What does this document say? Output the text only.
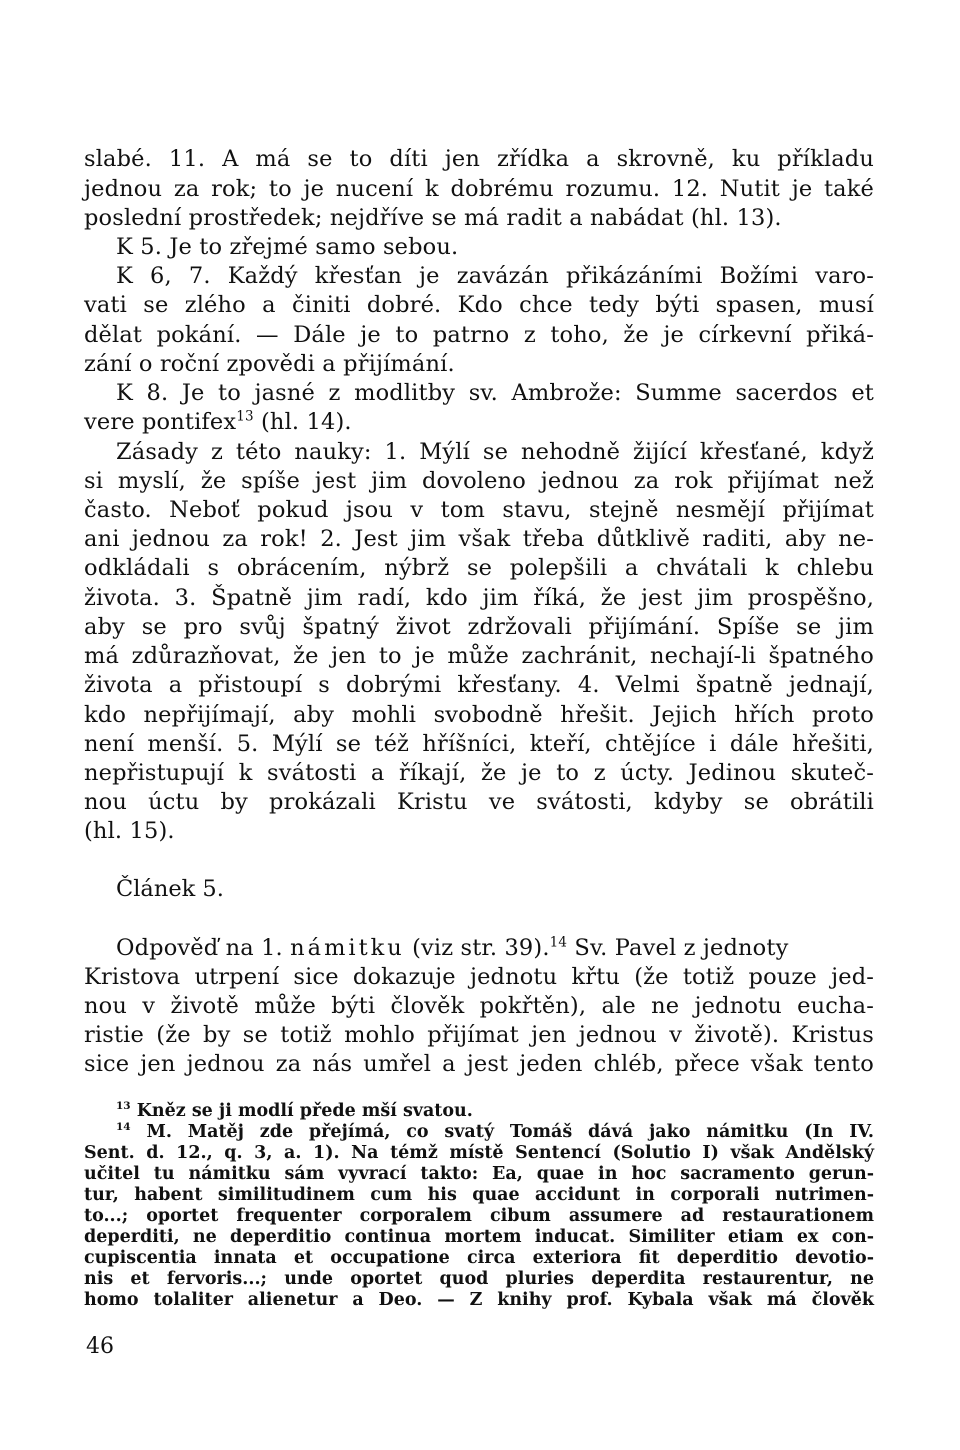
slabé. 11. A má se to díti jen zřídka a skrovně, ku příkladu
jednou za rok; to je nucení k dobrému rozumu. 12. Nutit je také
poslední prostředek; nejdříve se má radit a nabádat (hl. 13).
K 5. Je to zřejmé samo sebou.
K 6, 7. Každý křesťan je zavázán přikázáními Božími varo-
vati se zlého a činiti dobré. Kdo chce tedy býti spasen, musí
dělat pokání. — Dále je to patrno z toho, že je církevní přiká-
zání o roční zpovědi a přijímání.
K 8. Je to jasné z modlitby sv. Ambrože: Summe sacerdos et
vere pontifex$^{13}$ (hl. 14).
Zásady z této nauky: 1. Mýlí se nehodně žijící křesťané, když
si myslí, že spíše jest jim dovoleno jednou za rok přijímat než
často. Neboť pokud jsou v tom stavu, stejně nesmějí přijímat
ani jednou za rok! 2. Jest jim však třeba důtklivě raditi, aby ne-
odkládali s obrácením, nýbrž se polepšili a chvátali k chlebu
života. 3. Špatně jim radí, kdo jim říká, že jest jim prospěšno,
aby se pro svůj špatný život zdržovali přijímání. Spíše se jim
má zdůrazňovat, že jen to je může zachránit, nechají-li špatného
života a přistoupí s dobrými křesťany. 4. Velmi špatně jednají,
kdo nepřijímají, aby mohli svobodně hřešit. Jejich hřích proto
není menší. 5. Mýlí se též hříšníci, kteří, chtějíce i dále hřešiti,
nepřistupují k svátosti a říkají, že je to z úcty. Jedinou skuteč-
nou úctu by prokázali Kristu ve svátosti, kdyby se obrátili
(hl. 15).
Článek 5.
Odpověď na 1. námitku (viz str. 39).$^{14}$ Sv. Pavel z jednoty
Kristova utrpení sice dokazuje jednotu křtu (že totiž pouze jed-
nou v životě může býti člověk pokřtěn), ale ne jednotu eucha-
ristie (že by se totiž mohlo přijímat jen jednou v životě). Kristus
sice jen jednou za nás umřel a jest jeden chléb, přece však tento
$^{13}$ Kněz se ji modlí přede mší svatou.
$^{14}$ M. Matěj zde přejímá, co svatý Tomáš dává jako námitku (In IV.
Sent. d. 12., q. 3, a. 1). Na témž místě Sentencí (Solutio I) však Andělský
učitel tu námitku sám vyvrací takto: Ea, quae in hoc sacramento gerun-
tur, habent similitudinem cum his quae accidunt in corporali nutrimen-
to...; oportet frequenter corporalem cibum assumere ad restaurationem
deperditi, ne deperditio continua mortem inducat. Similiter etiam ex con-
cupiscentia innata et occupatione circa exteriora fit deperditio devotio-
nis et fervoris...; unde oportet quod pluries deperdita restaurentur, ne
homo tolaliter alienetur a Deo. — Z knihy prof. Kybala však má člověk
46
